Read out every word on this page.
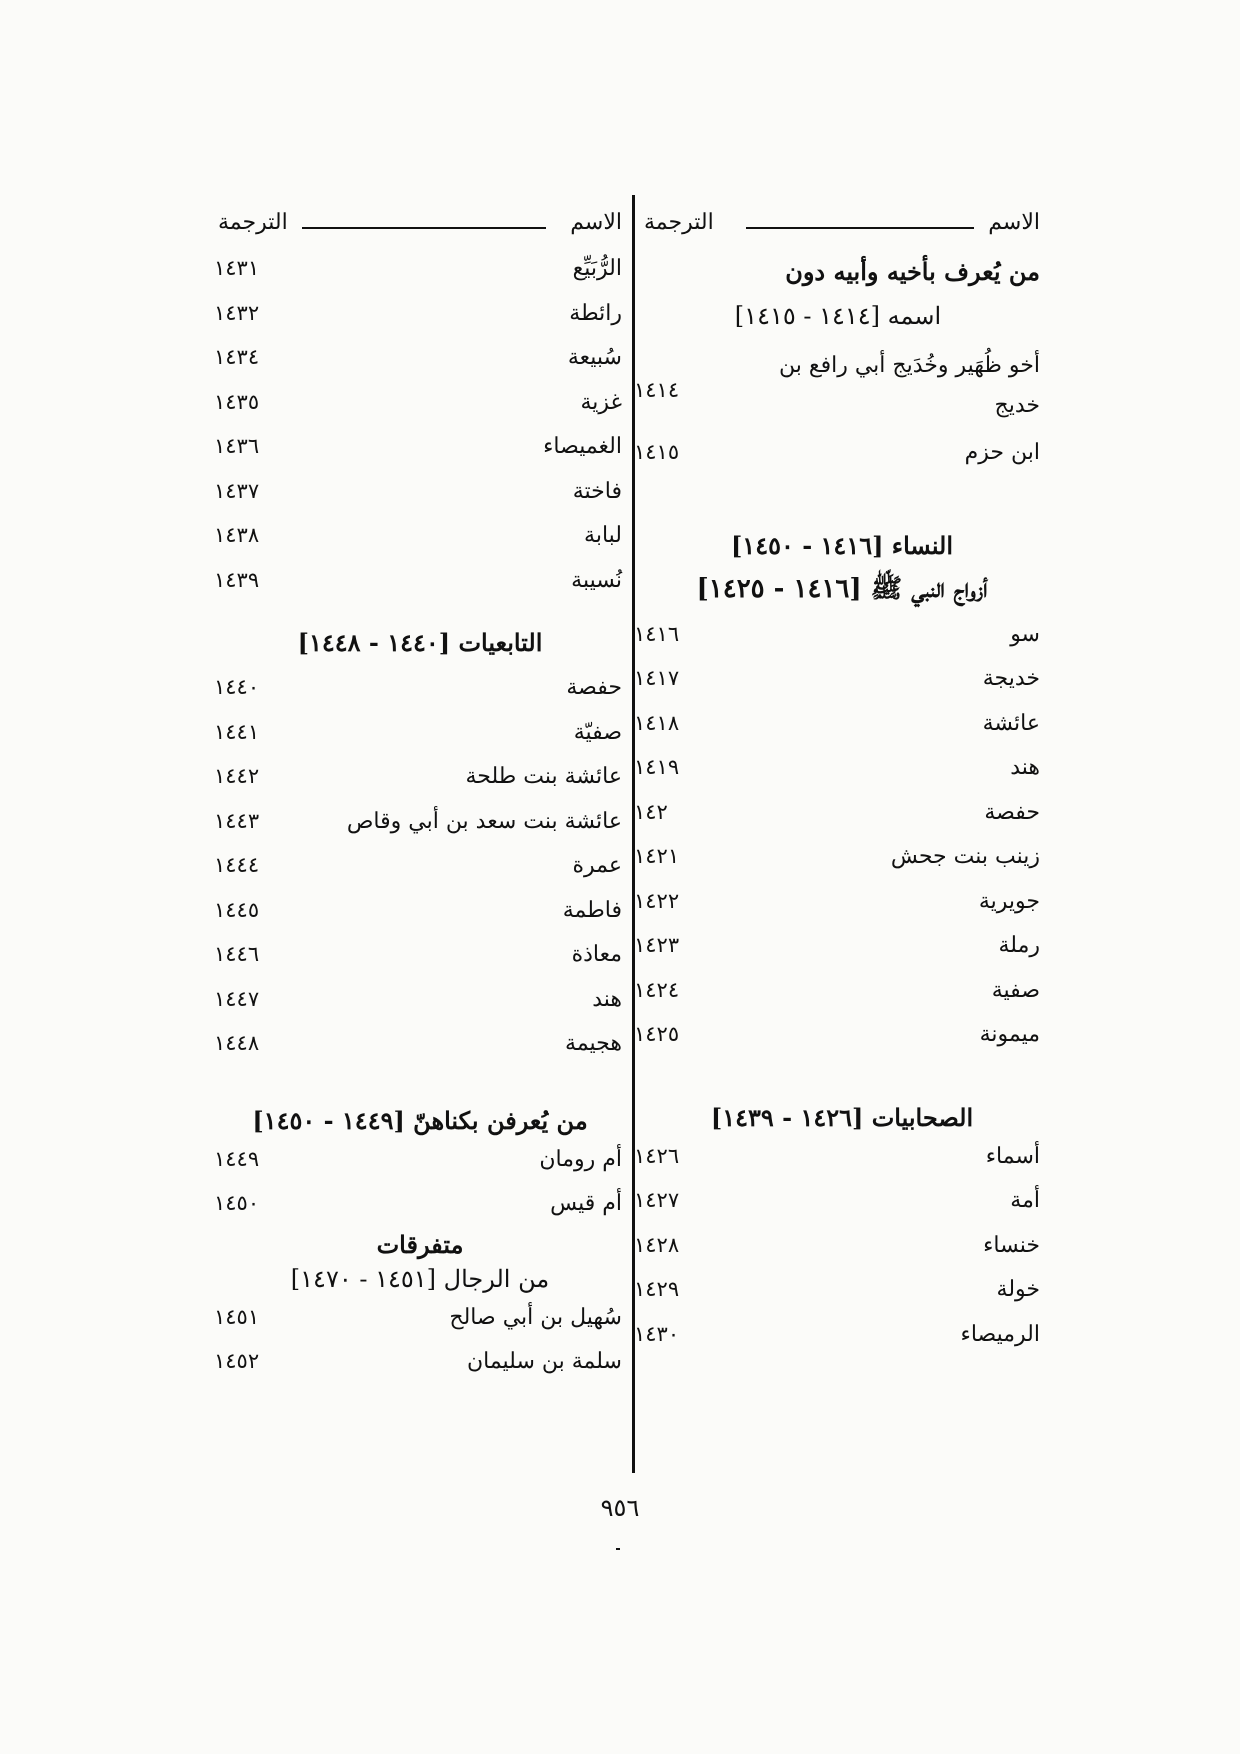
الاسم
الترجمة
من يُعرف بأخيه وأبيه دون
اسمه [١٤١٤ - ١٤١٥]
أخو ظُهَير وخُدَيج أبي رافع بن خديج
١٤١٤
ابن حزم
١٤١٥
النساء [١٤١٦ - ١٤٥٠]
أزواج النبي ﷺ [١٤١٦ - ١٤٢٥]
سو
١٤١٦
خديجة
١٤١٧
عائشة
١٤١٨
هند
١٤١٩
حفصة
١٤٢
زينب بنت جحش
١٤٢١
جويرية
١٤٢٢
رملة
١٤٢٣
صفية
١٤٢٤
ميمونة
١٤٢٥
الصحابيات [١٤٢٦ - ١٤٣٩]
أسماء
١٤٢٦
أمة
١٤٢٧
خنساء
١٤٢٨
خولة
١٤٢٩
الرميصاء
١٤٣٠
الاسم
الترجمة
الرُّبَيِّع
١٤٣١
رائطة
١٤٣٢
سُبيعة
١٤٣٤
غزية
١٤٣٥
الغميصاء
١٤٣٦
فاختة
١٤٣٧
لبابة
١٤٣٨
نُسيبة
١٤٣٩
التابعيات [١٤٤٠ - ١٤٤٨]
حفصة
١٤٤٠
صفيّة
١٤٤١
عائشة بنت طلحة
١٤٤٢
عائشة بنت سعد بن أبي وقاص
١٤٤٣
عمرة
١٤٤٤
فاطمة
١٤٤٥
معاذة
١٤٤٦
هند
١٤٤٧
هجيمة
١٤٤٨
من يُعرفن بكناهنّ [١٤٤٩ - ١٤٥٠]
أم رومان
١٤٤٩
أم قيس
١٤٥٠
متفرقات
من الرجال [١٤٥١ - ١٤٧٠]
سُهيل بن أبي صالح
١٤٥١
سلمة بن سليمان
١٤٥٢
٩٥٦
